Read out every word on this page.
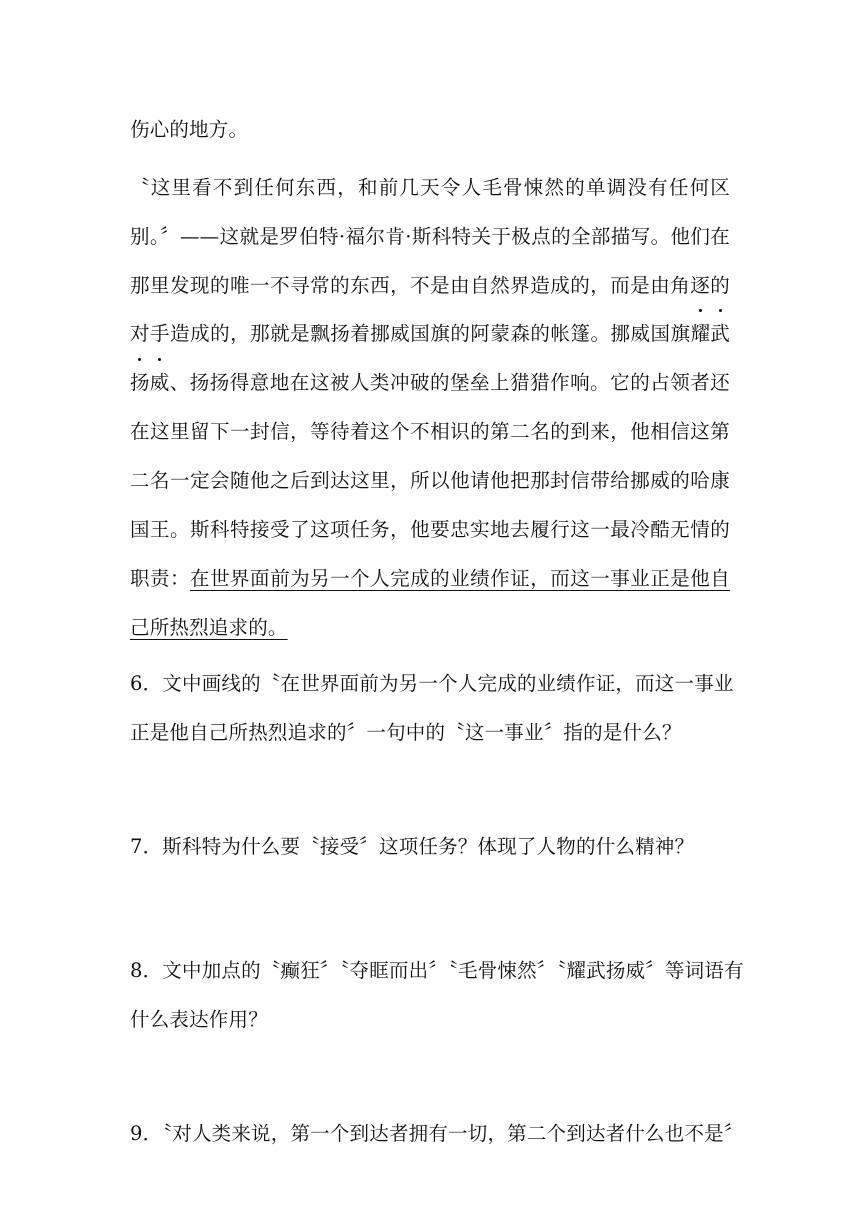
伤心的地方。
〝这里看不到任何东西，和前几天令人毛骨悚然的单调没有任何区
别。〞——这就是罗伯特·福尔肯·斯科特关于极点的全部描写。他们在
那里发现的唯一不寻常的东西，不是由自然界造成的，而是由角逐的
对手造成的，那就是飘扬着挪威国旗的阿蒙森的帐篷。挪威国旗耀武
扬威、扬扬得意地在这被人类冲破的堡垒上猎猎作响。它的占领者还
在这里留下一封信，等待着这个不相识的第二名的到来，他相信这第
二名一定会随他之后到达这里，所以他请他把那封信带给挪威的哈康
国王。斯科特接受了这项任务，他要忠实地去履行这一最冷酷无情的
职责：在世界面前为另一个人完成的业绩作证，而这一事业正是他自
己所热烈追求的。
6．文中画线的〝在世界面前为另一个人完成的业绩作证，而这一事业
正是他自己所热烈追求的〞一句中的〝这一事业〞指的是什么？
7．斯科特为什么要〝接受〞这项任务？体现了人物的什么精神？
8．文中加点的〝癫狂〞〝夺眶而出〞〝毛骨悚然〞〝耀武扬威〞等词语有
什么表达作用？
9．〝对人类来说，第一个到达者拥有一切，第二个到达者什么也不是〞
